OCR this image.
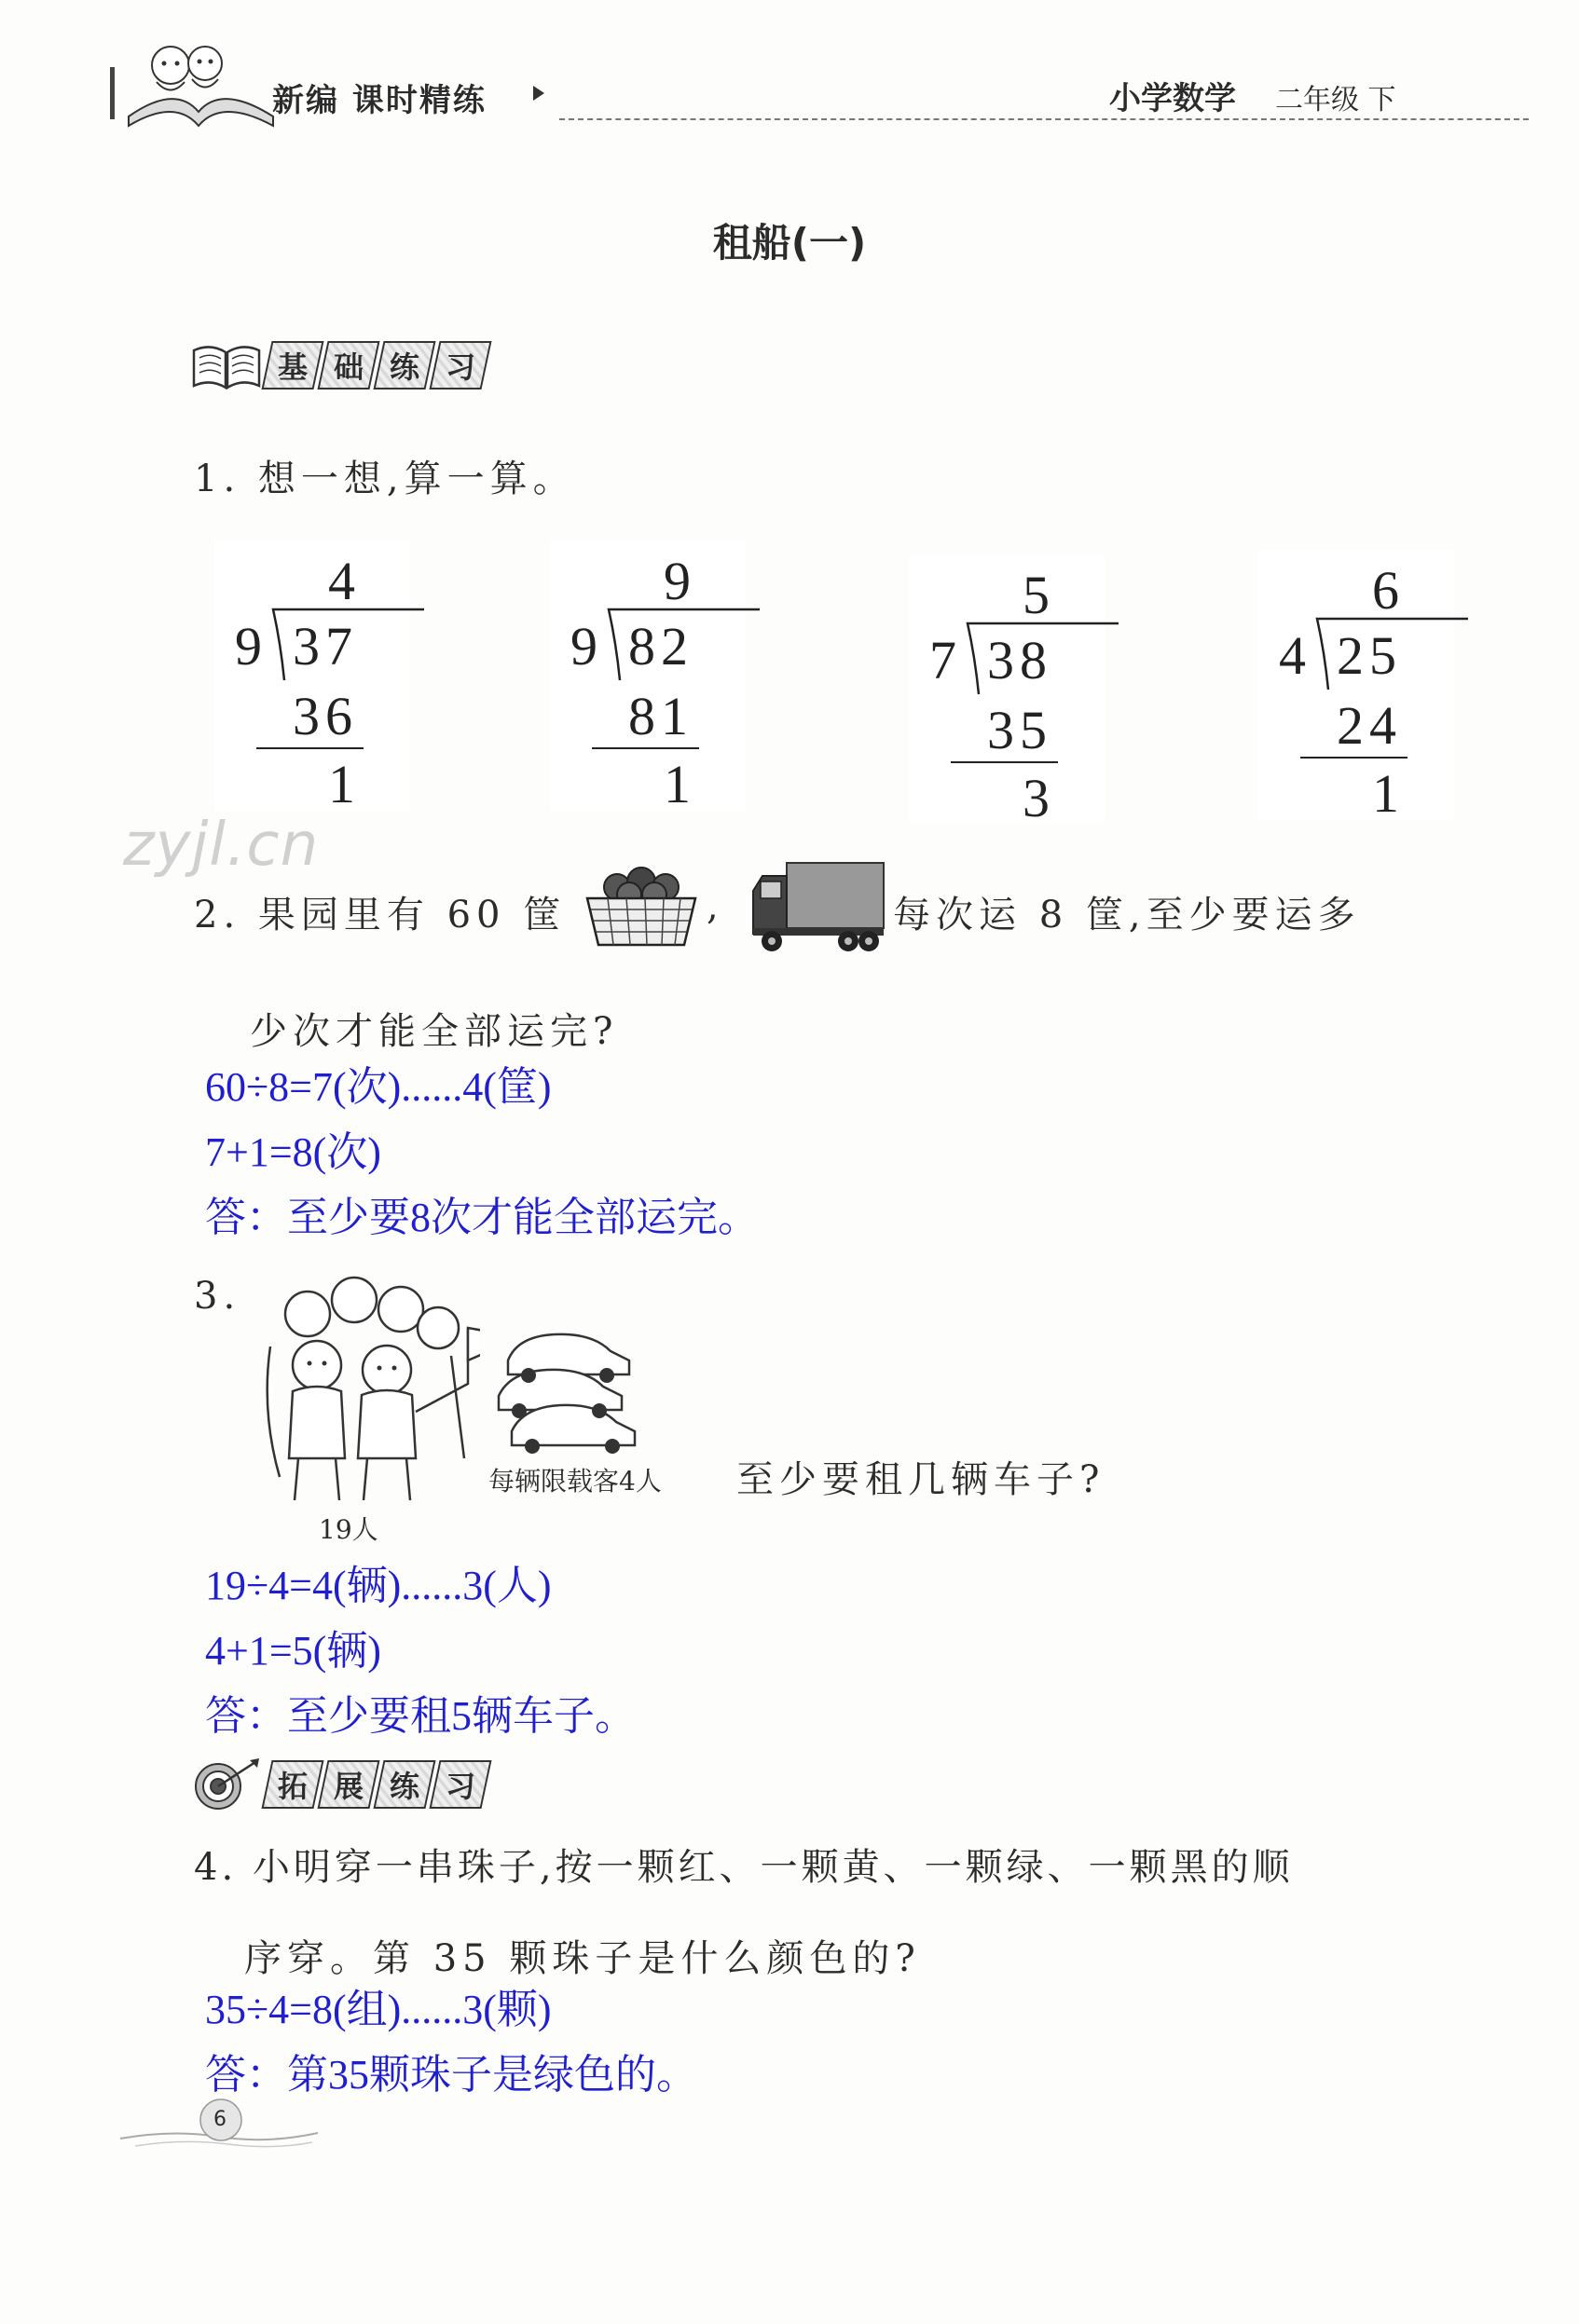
新编 课时精练	小学数学 二年级 下
租船(一)
基 础 练 习
1. 想一想,算一算。
4
9 37
36
1
9
9 82
81
1
5
7 38
35
3
6
4 25
24
1
zyjl.cn
2. 果园里有 60 筐	,	每次运 8 筐,至少要运多
少次才能全部运完?
60÷8=7(次)......4(筐)
7+1=8(次)
答：至少要8次才能全部运完。
3.
19人
每辆限载客4人 至少要租几辆车子?
19÷4=4(辆)......3(人)
4+1=5(辆)
答：至少要租5辆车子。
拓 展 练 习
4. 小明穿一串珠子,按一颗红、一颗黄、一颗绿、一颗黑的顺
序穿。第 35 颗珠子是什么颜色的?
35÷4=8(组)......3(颗)
答：第35颗珠子是绿色的。
6
